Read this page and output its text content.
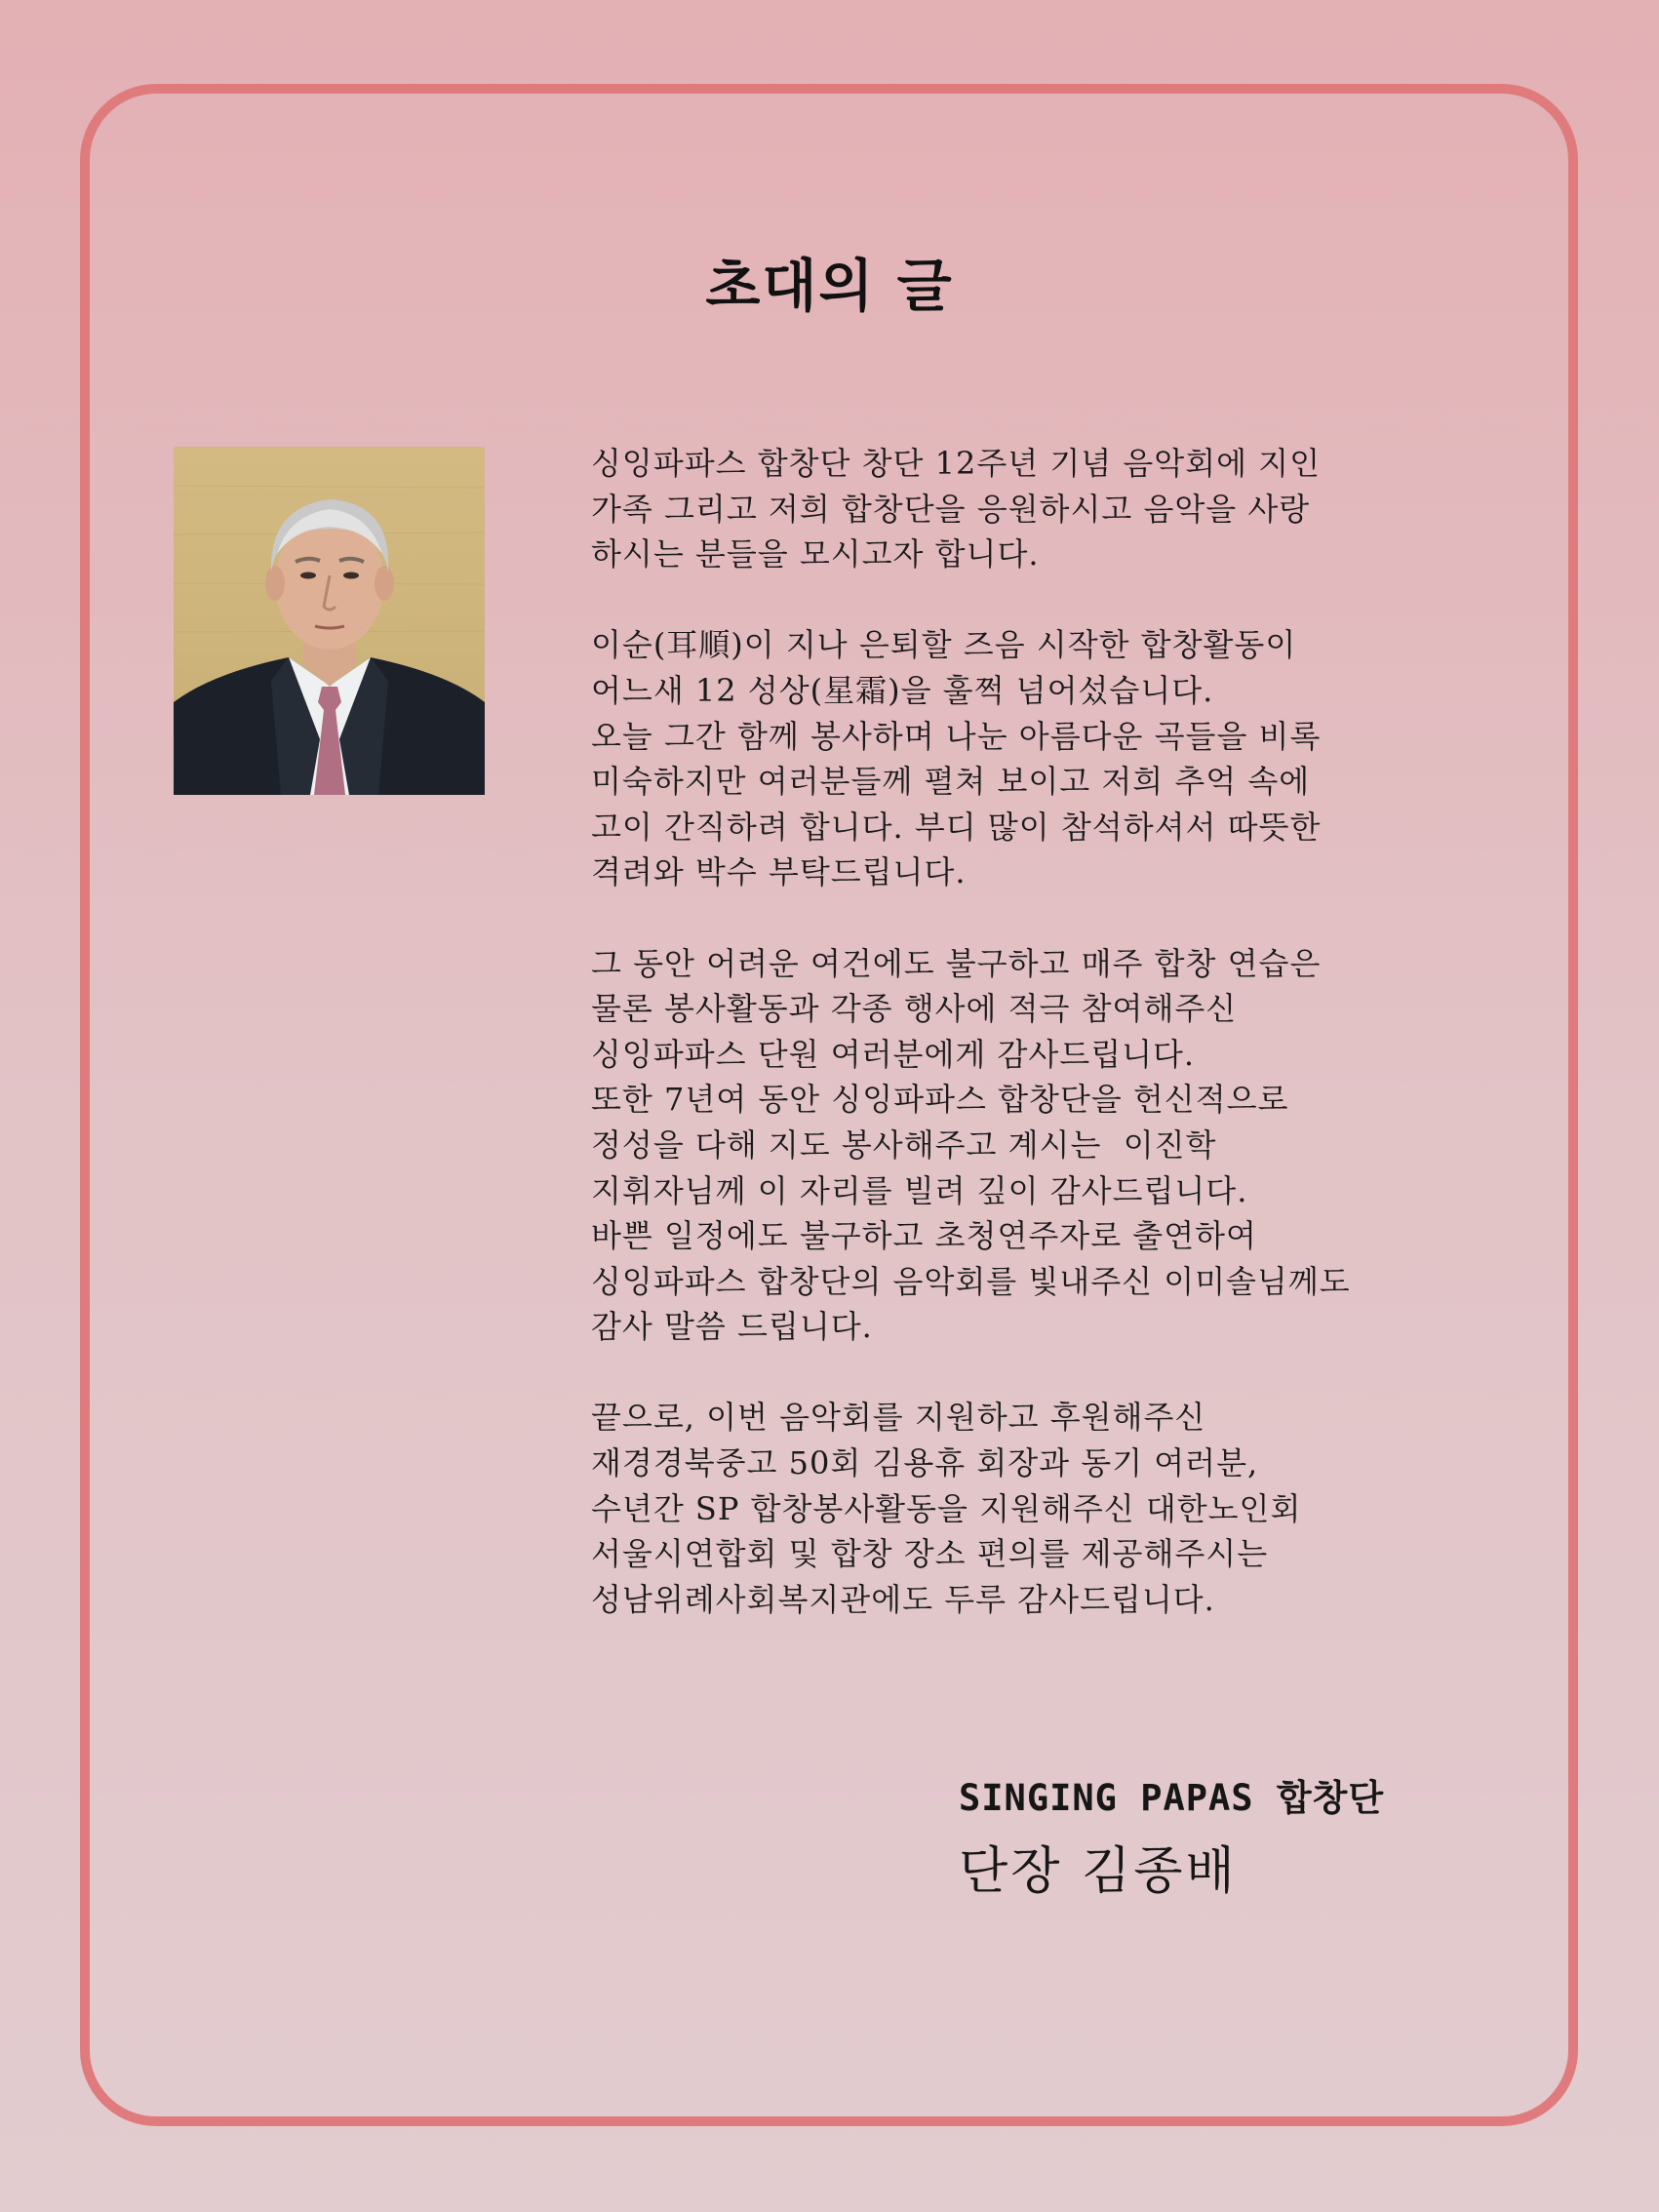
초대의 글
싱잉파파스 합창단 창단 12주년 기념 음악회에 지인
가족 그리고 저희 합창단을 응원하시고 음악을 사랑
하시는 분들을 모시고자 합니다.
이순(耳順)이 지나 은퇴할 즈음 시작한 합창활동이
어느새 12 성상(星霜)을 훌쩍 넘어섰습니다.
오늘 그간 함께 봉사하며 나눈 아름다운 곡들을 비록
미숙하지만 여러분들께 펼쳐 보이고 저희 추억 속에
고이 간직하려 합니다. 부디 많이 참석하셔서 따뜻한
격려와 박수 부탁드립니다.
그 동안 어려운 여건에도 불구하고 매주 합창 연습은
물론 봉사활동과 각종 행사에 적극 참여해주신
싱잉파파스 단원 여러분에게 감사드립니다.
또한 7년여 동안 싱잉파파스 합창단을 헌신적으로
정성을 다해 지도 봉사해주고 계시는  이진학
지휘자님께 이 자리를 빌려 깊이 감사드립니다.
바쁜 일정에도 불구하고 초청연주자로 출연하여
싱잉파파스 합창단의 음악회를 빛내주신 이미솔님께도
감사 말씀 드립니다.
끝으로, 이번 음악회를 지원하고 후원해주신
재경경북중고 50회 김용휴 회장과 동기 여러분,
수년간 SP 합창봉사활동을 지원해주신 대한노인회
서울시연합회 및 합창 장소 편의를 제공해주시는
성남위례사회복지관에도 두루 감사드립니다.
SINGING PAPAS 합창단
단장 김종배
